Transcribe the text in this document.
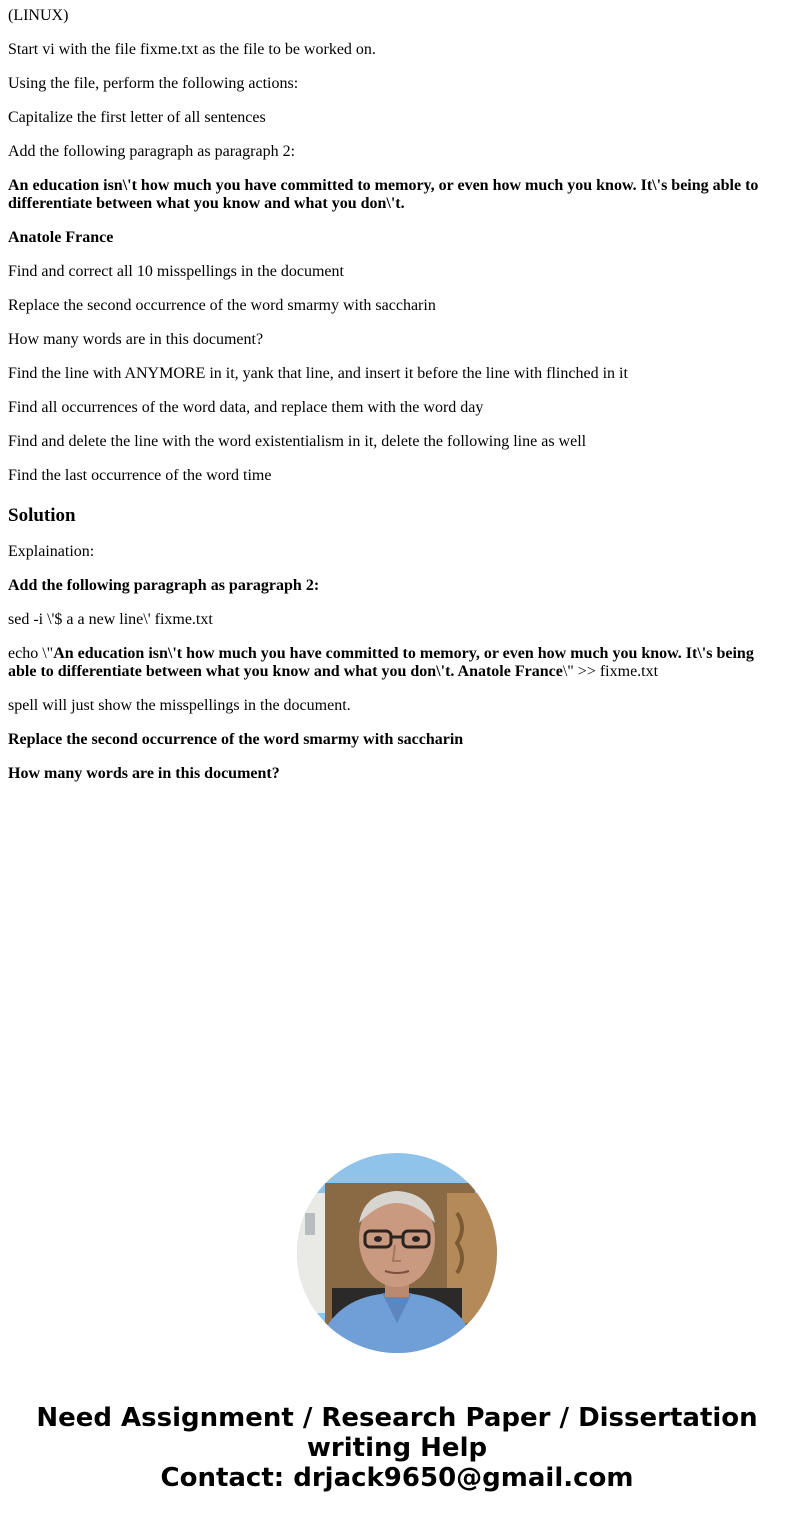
(LINUX)

Start vi with the file fixme.txt as the file to be worked on.

Using the file, perform the following actions:

Capitalize the first letter of all sentences

Add the following paragraph as paragraph 2:

An education isn\'t how much you have committed to memory, or even how much you know. It\'s being able to differentiate between what you know and what you don\'t.

Anatole France

Find and correct all 10 misspellings in the document

Replace the second occurrence of the word smarmy with saccharin

How many words are in this document?

Find the line with ANYMORE in it, yank that line, and insert it before the line with flinched in it

Find all occurrences of the word data, and replace them with the word day

Find and delete the line with the word existentialism in it, delete the following line as well

Find the last occurrence of the word time

Solution

Explaination:

Add the following paragraph as paragraph 2:

sed -i \'$ a a new line\' fixme.txt

echo \"An education isn\'t how much you have committed to memory, or even how much you know. It\'s being able to differentiate between what you know and what you don\'t. Anatole France\" >> fixme.txt

spell will just show the misspellings in the document.

Replace the second occurrence of the word smarmy with saccharin

How many words are in this document?

Need Assignment / Research Paper / Dissertation writing Help
Contact: drjack9650@gmail.com
